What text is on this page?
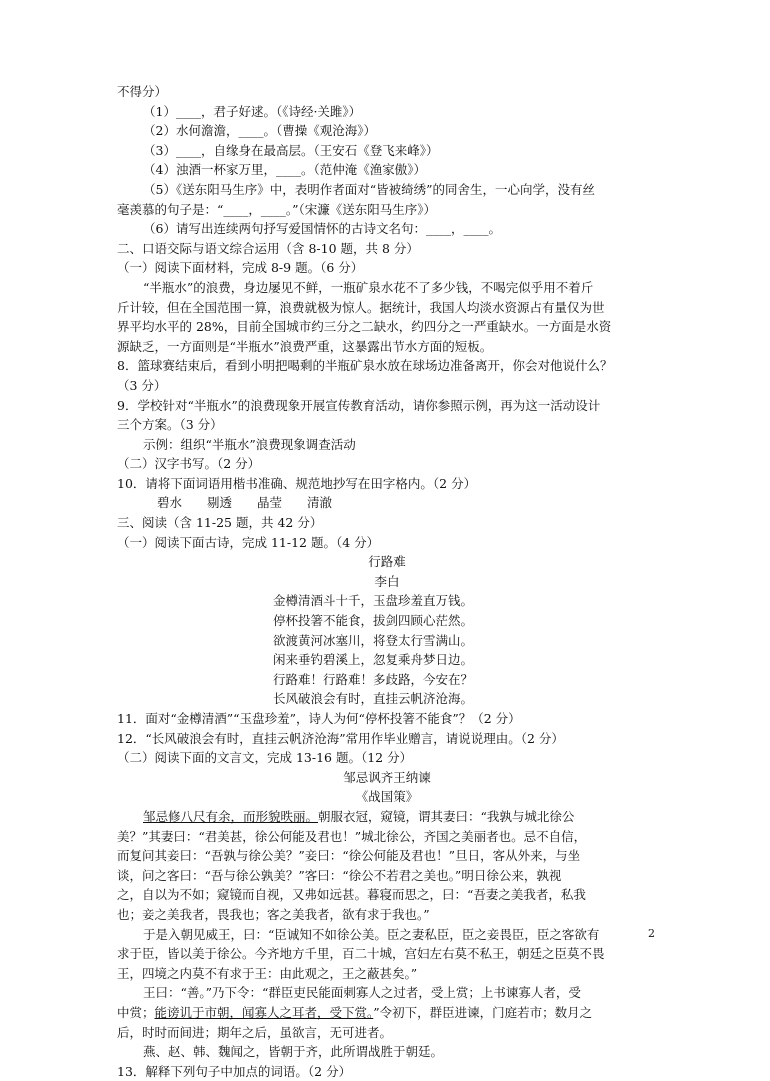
不得分）
（1）____，君子好逑。（《诗经·关雎》）
（2）水何澹澹，____。（曹操《观沧海》）
（3）____，自缘身在最高层。（王安石《登飞来峰》）
（4）浊酒一杯家万里，____。（范仲淹《渔家傲》）
（5）《送东阳马生序》中，表明作者面对“皆被绮绣”的同舍生，一心向学，没有丝
毫羡慕的句子是：“____，____。”（宋濂《送东阳马生序》）
（6）请写出连续两句抒写爱国情怀的古诗文名句：____，____。
二、口语交际与语文综合运用（含 8-10 题，共 8 分）
（一）阅读下面材料，完成 8-9 题。（6 分）
“半瓶水”的浪费，身边屡见不鲜，一瓶矿泉水花不了多少钱，不喝完似乎用不着斤
斤计较，但在全国范围一算，浪费就极为惊人。据统计，我国人均淡水资源占有量仅为世
界平均水平的 28%，目前全国城市约三分之二缺水，约四分之一严重缺水。一方面是水资
源缺乏，一方面则是“半瓶水”浪费严重，这暴露出节水方面的短板。
8．篮球赛结束后，看到小明把喝剩的半瓶矿泉水放在球场边准备离开，你会对他说什么？
（3 分）
9．学校针对“半瓶水”的浪费现象开展宣传教育活动，请你参照示例，再为这一活动设计
三个方案。（3 分）
示例：组织“半瓶水”浪费现象调查活动
（二）汉字书写。（2 分）
10．请将下面词语用楷书准确、规范地抄写在田字格内。（2 分）
碧水　　剔透　　晶莹　　清澈
三、阅读（含 11-25 题，共 42 分）
（一）阅读下面古诗，完成 11-12 题。（4 分）
行路难
李白
金樽清酒斗十千，玉盘珍羞直万钱。
停杯投箸不能食，拔剑四顾心茫然。
欲渡黄河冰塞川，将登太行雪满山。
闲来垂钓碧溪上，忽复乘舟梦日边。
行路难！行路难！多歧路，今安在？
长风破浪会有时，直挂云帆济沧海。
11．面对“金樽清酒”“玉盘珍羞”，诗人为何“停杯投箸不能食”？（2 分）
12．“长风破浪会有时，直挂云帆济沧海”常用作毕业赠言，请说说理由。（2 分）
（二）阅读下面的文言文，完成 13-16 题。（12 分）
邹忌讽齐王纳谏
《战国策》
邹忌修八尺有余，而形貌昳丽。朝服衣冠，窥镜，谓其妻曰：“我孰与城北徐公
美？”其妻曰：“君美甚，徐公何能及君也！”城北徐公，齐国之美丽者也。忌不自信，
而复问其妾曰：“吾孰与徐公美？”妾曰：“徐公何能及君也！”旦日，客从外来，与坐
谈，问之客曰：“吾与徐公孰美？”客曰：“徐公不若君之美也。”明日徐公来，孰视
之，自以为不如；窥镜而自视，又弗如远甚。暮寝而思之，曰：“吾妻之美我者，私我
也；妾之美我者，畏我也；客之美我者，欲有求于我也。”
于是入朝见威王，曰：“臣诚知不如徐公美。臣之妻私臣，臣之妾畏臣，臣之客欲有
求于臣，皆以美于徐公。今齐地方千里，百二十城，宫妇左右莫不私王，朝廷之臣莫不畏
王，四境之内莫不有求于王：由此观之，王之蔽甚矣。”
王曰：“善。”乃下令：“群臣吏民能面刺寡人之过者，受上赏；上书谏寡人者，受
中赏；能谤讥于市朝，闻寡人之耳者，受下赏。”令初下，群臣进谏，门庭若市；数月之
后，时时而间进；期年之后，虽欲言，无可进者。
燕、赵、韩、魏闻之，皆朝于齐，此所谓战胜于朝廷。
13．解释下列句子中加点的词语。（2 分）
2
